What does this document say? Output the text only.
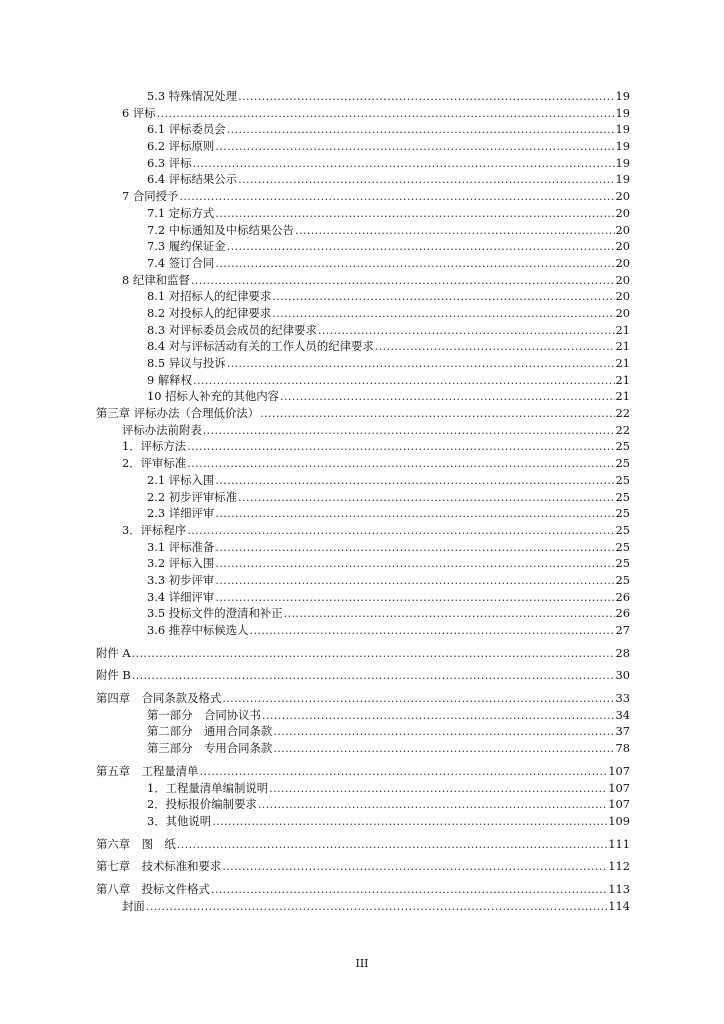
5.3 特殊情况处理 .....	19
6 评标 .....	19
6.1 评标委员会 .....	19
6.2 评标原则 .....	19
6.3 评标 .....	19
6.4 评标结果公示 .....	19
7 合同授予 .....	20
7.1 定标方式 .....	20
7.2 中标通知及中标结果公告 .....	20
7.3 履约保证金 .....	20
7.4 签订合同 .....	20
8 纪律和监督 .....	20
8.1 对招标人的纪律要求 .....	20
8.2 对投标人的纪律要求 .....	20
8.3 对评标委员会成员的纪律要求 .....	21
8.4 对与评标活动有关的工作人员的纪律要求 .....	21
8.5 异议与投诉 .....	21
9 解释权 .....	21
10 招标人补充的其他内容 .....	21
第三章 评标办法（合理低价法） .....	22
评标办法前附表 .....	22
1．评标方法 .....	25
2．评审标准 .....	25
2.1 评标入围 .....	25
2.2 初步评审标准 .....	25
2.3 详细评审 .....	25
3．评标程序 .....	25
3.1 评标准备 .....	25
3.2 评标入围 .....	25
3.3 初步评审 .....	25
3.4 详细评审 .....	26
3.5 投标文件的澄清和补正 .....	26
3.6 推荐中标候选人 .....	27
附件 A .....	28
附件 B .....	30
第四章　合同条款及格式 .....	33
第一部分　合同协议书 .....	34
第二部分　通用合同条款 .....	37
第三部分　专用合同条款 .....	78
第五章　工程量清单 .....	107
1．工程量清单编制说明 .....	107
2．投标报价编制要求 .....	107
3．其他说明 .....	109
第六章　图　纸 .....	111
第七章　技术标准和要求 .....	112
第八章　投标文件格式 .....	113
封面 .....	114
III
